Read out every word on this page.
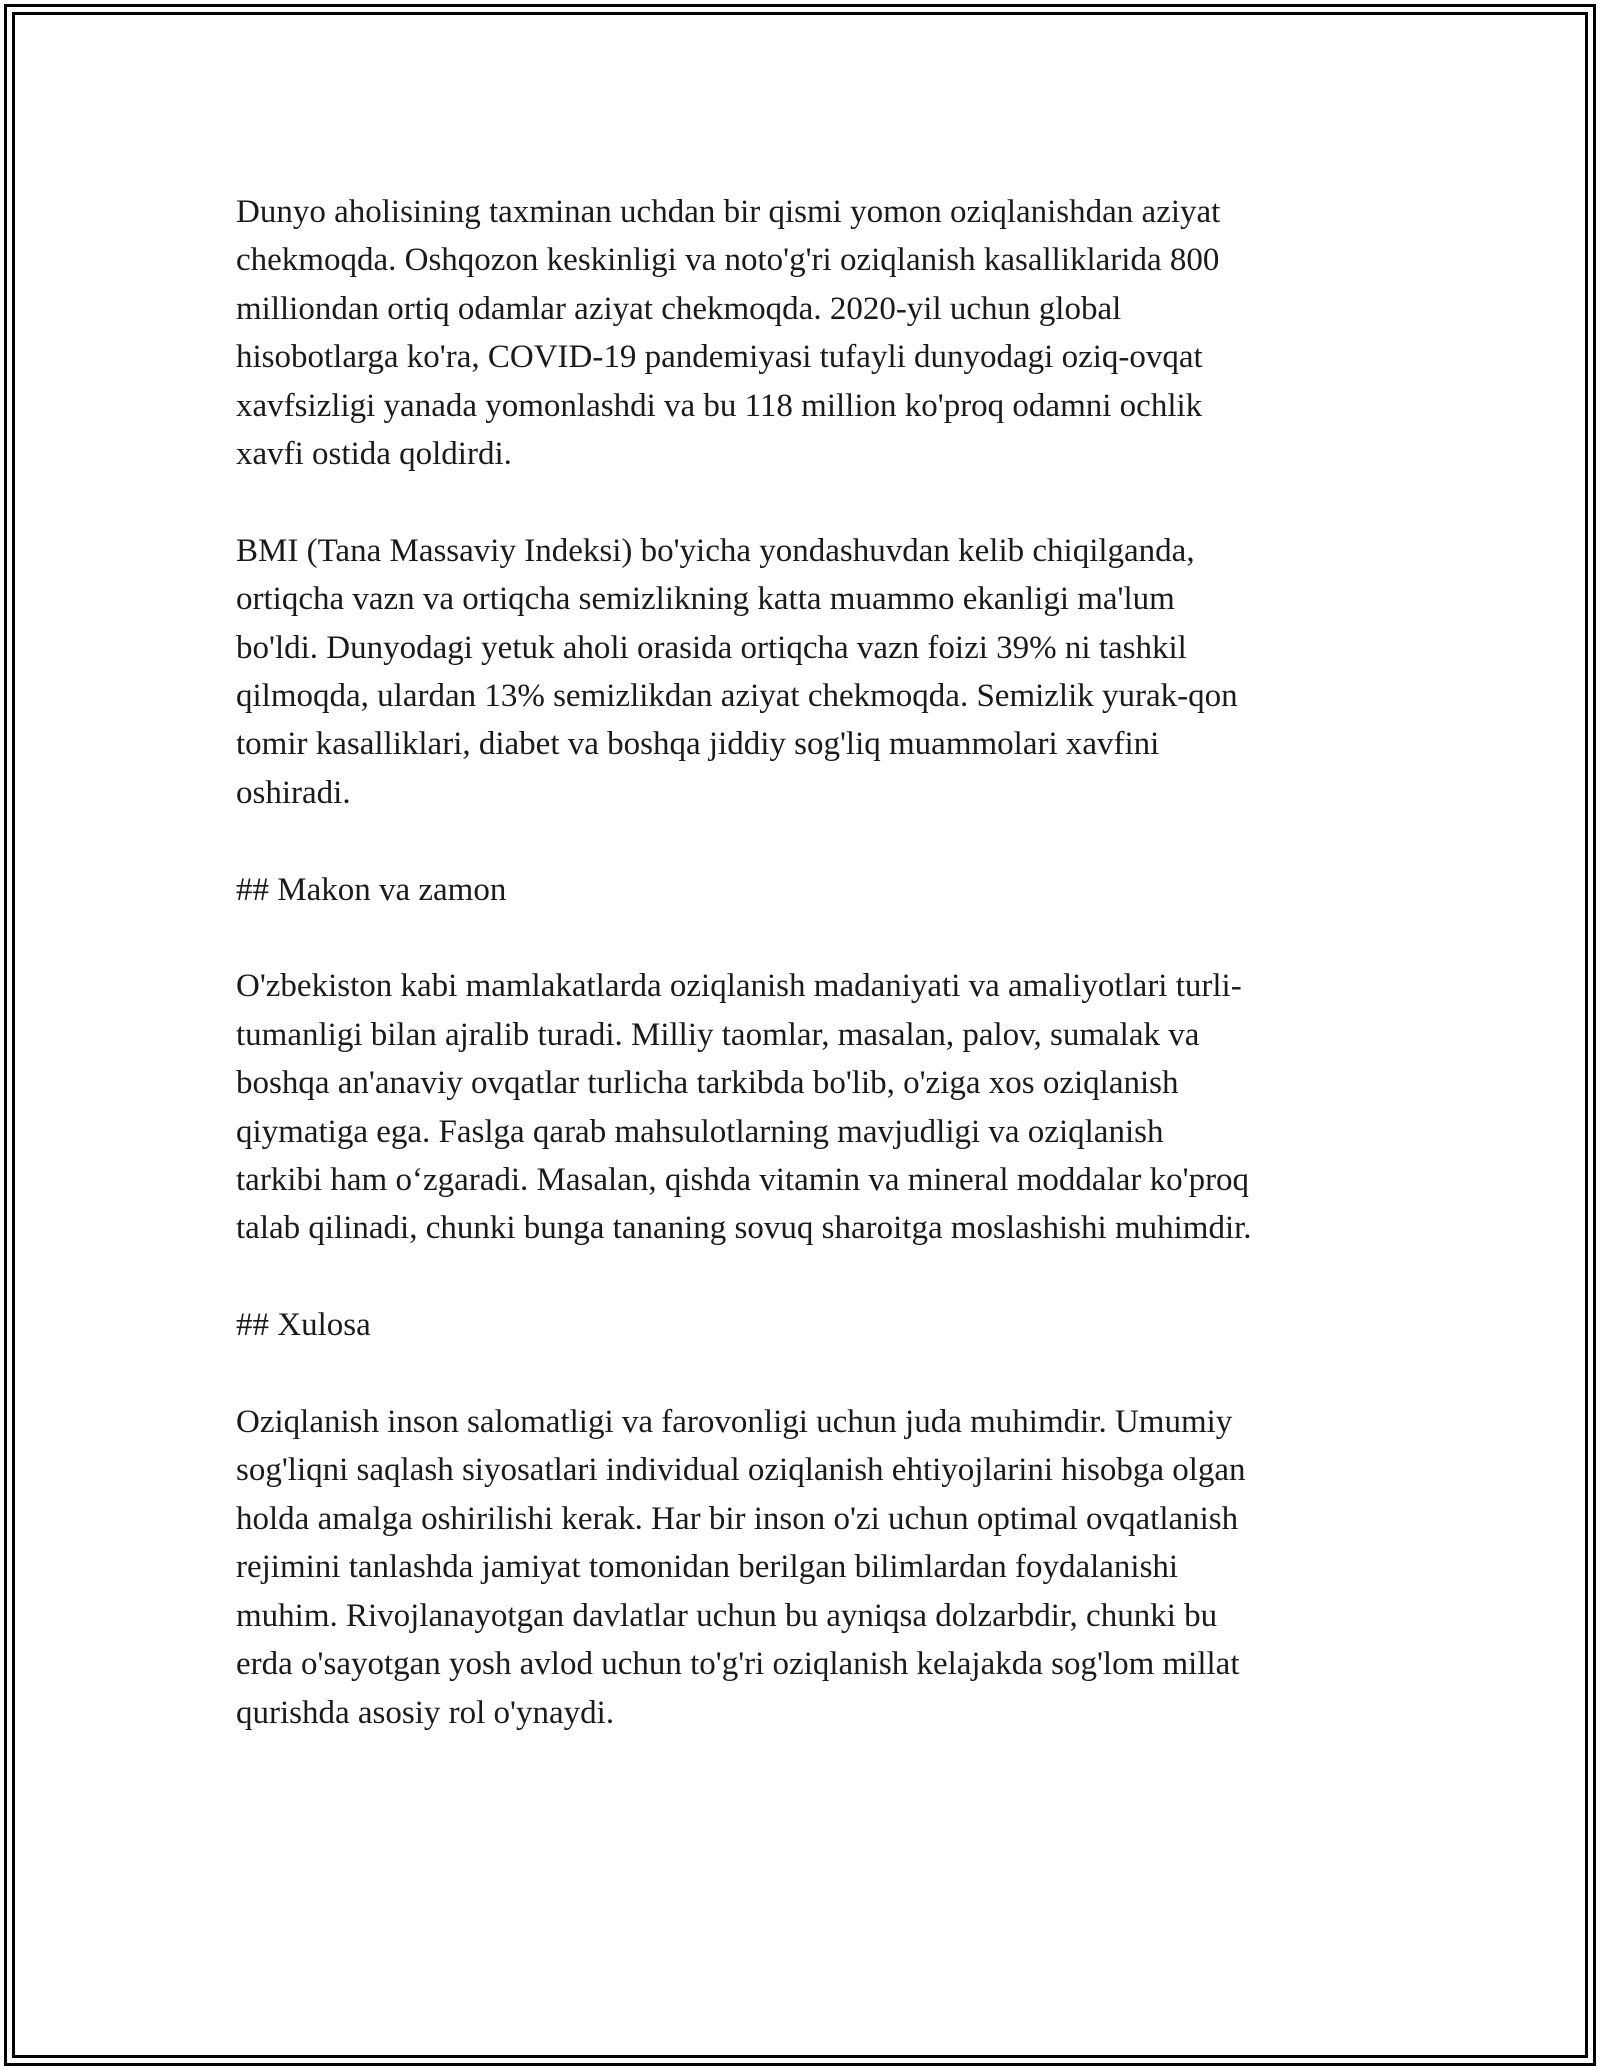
Dunyo aholisining taxminan uchdan bir qismi yomon oziqlanishdan aziyat
chekmoqda. Oshqozon keskinligi va noto'g'ri oziqlanish kasalliklarida 800
milliondan ortiq odamlar aziyat chekmoqda. 2020-yil uchun global
hisobotlarga ko'ra, COVID-19 pandemiyasi tufayli dunyodagi oziq-ovqat
xavfsizligi yanada yomonlashdi va bu 118 million ko'proq odamni ochlik
xavfi ostida qoldirdi.

BMI (Tana Massaviy Indeksi) bo'yicha yondashuvdan kelib chiqilganda,
ortiqcha vazn va ortiqcha semizlikning katta muammo ekanligi ma'lum
bo'ldi. Dunyodagi yetuk aholi orasida ortiqcha vazn foizi 39% ni tashkil
qilmoqda, ulardan 13% semizlikdan aziyat chekmoqda. Semizlik yurak-qon
tomir kasalliklari, diabet va boshqa jiddiy sog'liq muammolari xavfini
oshiradi.

## Makon va zamon

O'zbekiston kabi mamlakatlarda oziqlanish madaniyati va amaliyotlari turli-
tumanligi bilan ajralib turadi. Milliy taomlar, masalan, palov, sumalak va
boshqa an'anaviy ovqatlar turlicha tarkibda bo'lib, o'ziga xos oziqlanish
qiymatiga ega. Faslga qarab mahsulotlarning mavjudligi va oziqlanish
tarkibi ham o‘zgaradi. Masalan, qishda vitamin va mineral moddalar ko'proq
talab qilinadi, chunki bunga tananing sovuq sharoitga moslashishi muhimdir.

## Xulosa

Oziqlanish inson salomatligi va farovonligi uchun juda muhimdir. Umumiy
sog'liqni saqlash siyosatlari individual oziqlanish ehtiyojlarini hisobga olgan
holda amalga oshirilishi kerak. Har bir inson o'zi uchun optimal ovqatlanish
rejimini tanlashda jamiyat tomonidan berilgan bilimlardan foydalanishi
muhim. Rivojlanayotgan davlatlar uchun bu ayniqsa dolzarbdir, chunki bu
erda o'sayotgan yosh avlod uchun to'g'ri oziqlanish kelajakda sog'lom millat
qurishda asosiy rol o'ynaydi.
